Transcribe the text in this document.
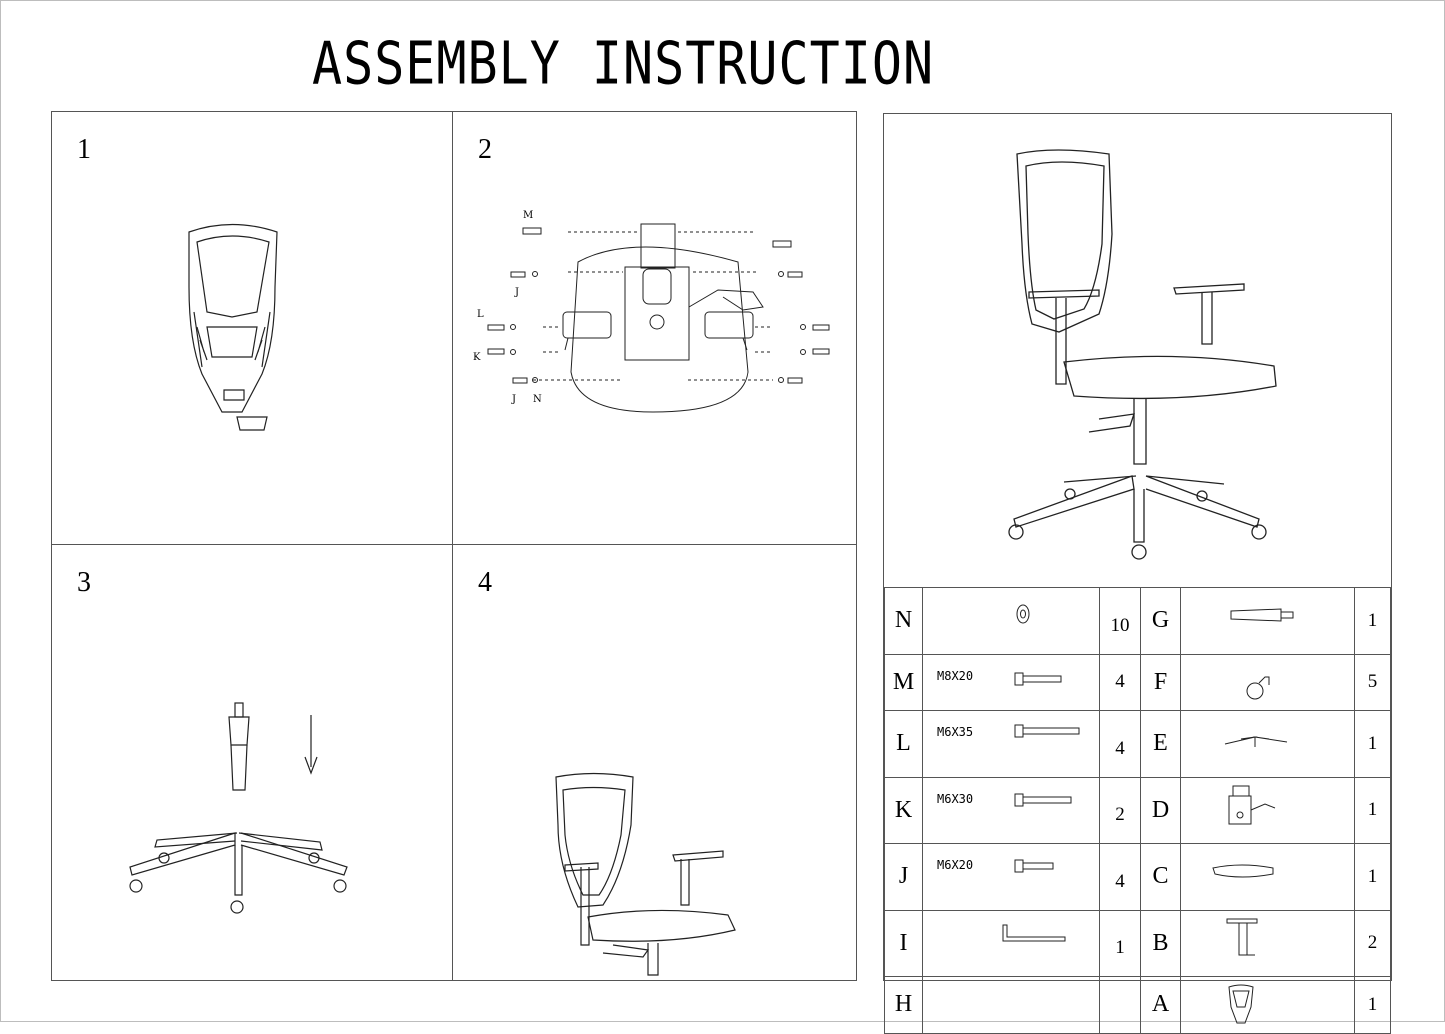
ASSEMBLY INSTRUCTION
1	2
M
J
L
K
J N
3	4
N		10	G		1
M	M8X20	4	F		5
L	M6X35	4	E		1
K	M6X30	2	D		1
J	M6X20	4	C		1
I		1	B		2
H			A		1
